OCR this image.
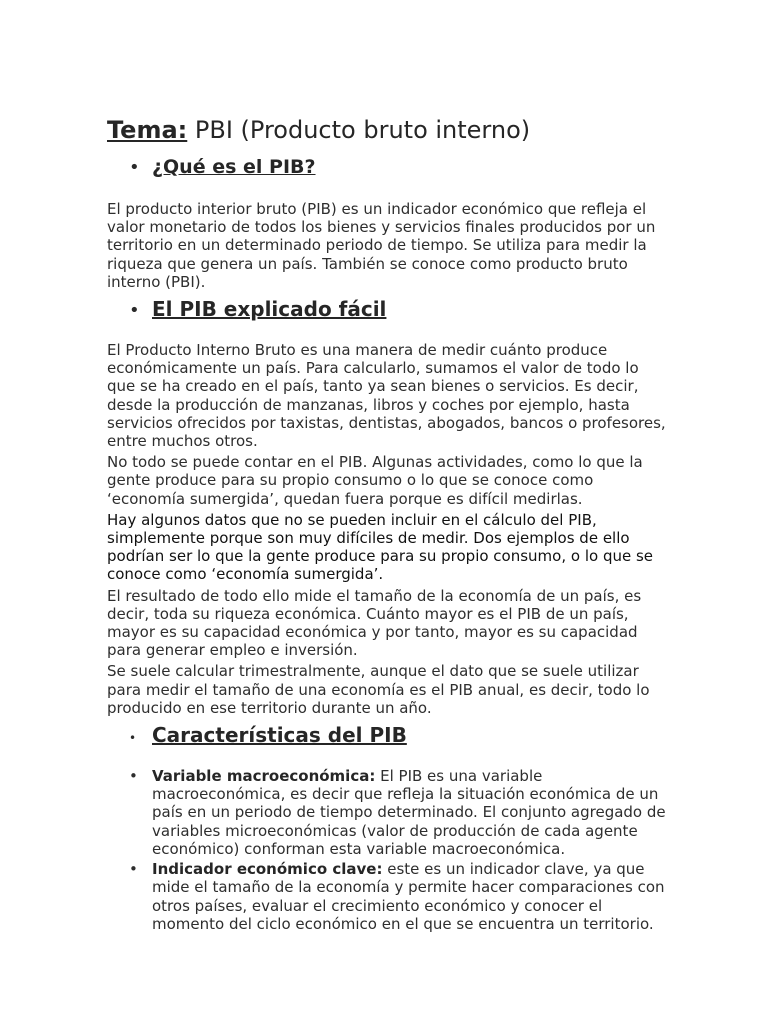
Tema: PBI (Producto bruto interno)
• ¿Qué es el PIB?

El producto interior bruto (PIB) es un indicador económico que refleja el valor monetario de todos los bienes y servicios finales producidos por un territorio en un determinado periodo de tiempo. Se utiliza para medir la riqueza que genera un país. También se conoce como producto bruto interno (PBI).

• El PIB explicado fácil

El Producto Interno Bruto es una manera de medir cuánto produce económicamente un país. Para calcularlo, sumamos el valor de todo lo que se ha creado en el país, tanto ya sean bienes o servicios. Es decir, desde la producción de manzanas, libros y coches por ejemplo, hasta servicios ofrecidos por taxistas, dentistas, abogados, bancos o profesores, entre muchos otros.

No todo se puede contar en el PIB. Algunas actividades, como lo que la gente produce para su propio consumo o lo que se conoce como ‘economía sumergida’, quedan fuera porque es difícil medirlas.

Hay algunos datos que no se pueden incluir en el cálculo del PIB, simplemente porque son muy difíciles de medir. Dos ejemplos de ello podrían ser lo que la gente produce para su propio consumo, o lo que se conoce como ‘economía sumergida’.

El resultado de todo ello mide el tamaño de la economía de un país, es decir, toda su riqueza económica. Cuánto mayor es el PIB de un país, mayor es su capacidad económica y por tanto, mayor es su capacidad para generar empleo e inversión.

Se suele calcular trimestralmente, aunque el dato que se suele utilizar para medir el tamaño de una economía es el PIB anual, es decir, todo lo producido en ese territorio durante un año.

• Características del PIB
• Variable macroeconómica: El PIB es una variable macroeconómica, es decir que refleja la situación económica de un país en un periodo de tiempo determinado. El conjunto agregado de variables microeconómicas (valor de producción de cada agente económico) conforman esta variable macroeconómica.
• Indicador económico clave: este es un indicador clave, ya que mide el tamaño de la economía y permite hacer comparaciones con otros países, evaluar el crecimiento económico y conocer el momento del ciclo económico en el que se encuentra un territorio.
